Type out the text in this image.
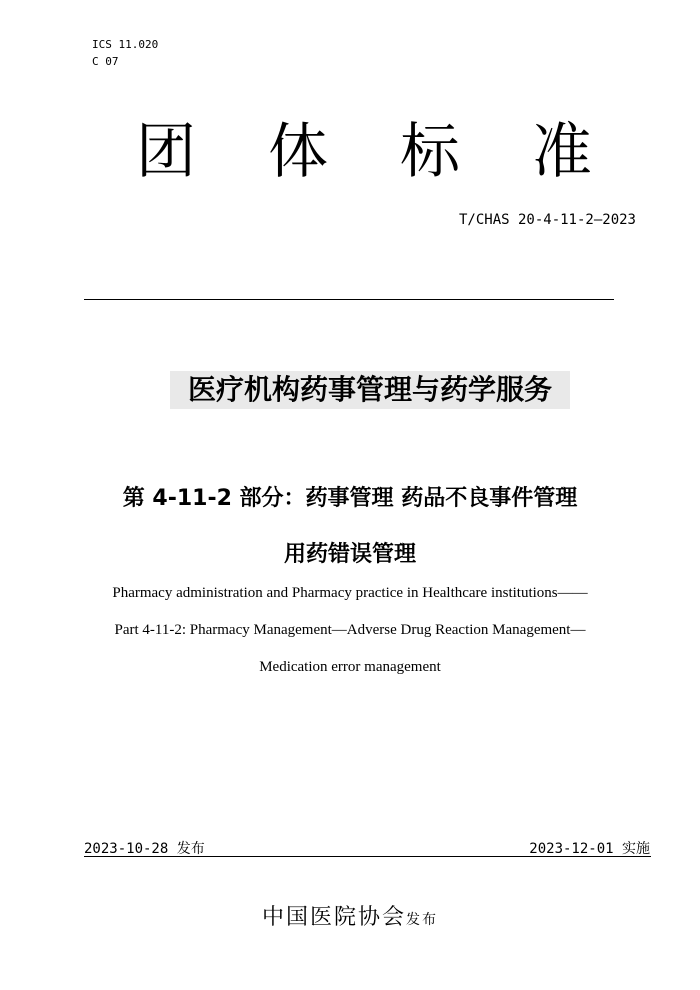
ICS 11.020
C 07
团 体 标 准
T/CHAS 20-4-11-2—2023
医疗机构药事管理与药学服务
第 4-11-2 部分：药事管理 药品不良事件管理
用药错误管理
Pharmacy administration and Pharmacy practice in Healthcare institutions——
Part 4-11-2: Pharmacy Management—Adverse Drug Reaction Management—
Medication error management
2023-10-28 发布	2023-12-01 实施
中国医院协会发布
